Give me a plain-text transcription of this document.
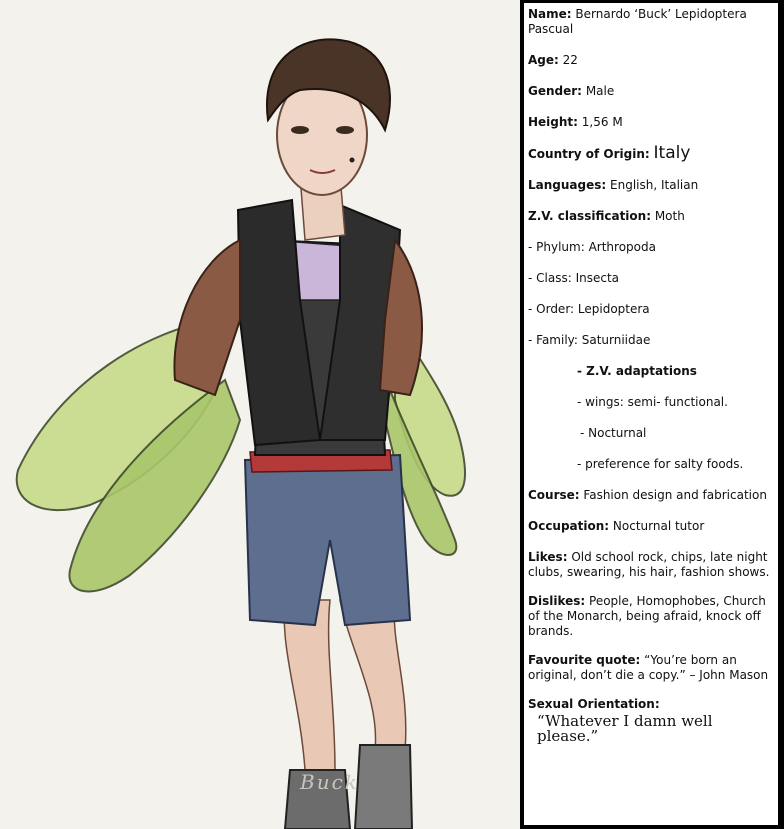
Buck
Name: Bernardo ‘Buck’ Lepidoptera Pascual
Age: 22
Gender: Male
Height: 1,56 M
Country of Origin: Italy
Languages: English, Italian
Z.V. classification: Moth
- Phylum: Arthropoda
- Class: Insecta
- Order: Lepidoptera
- Family: Saturniidae
- Z.V. adaptations
- wings: semi- functional.
- Nocturnal
- preference for salty foods.
Course: Fashion design and fabrication
Occupation: Nocturnal tutor
Likes: Old school rock, chips, late night clubs, swearing, his hair, fashion shows.
Dislikes: People, Homophobes, Church of the Monarch, being afraid, knock off brands.
Favourite quote: “You’re born an original, don’t die a copy.” – John Mason
Sexual Orientation:
“Whatever I damn well please.”
